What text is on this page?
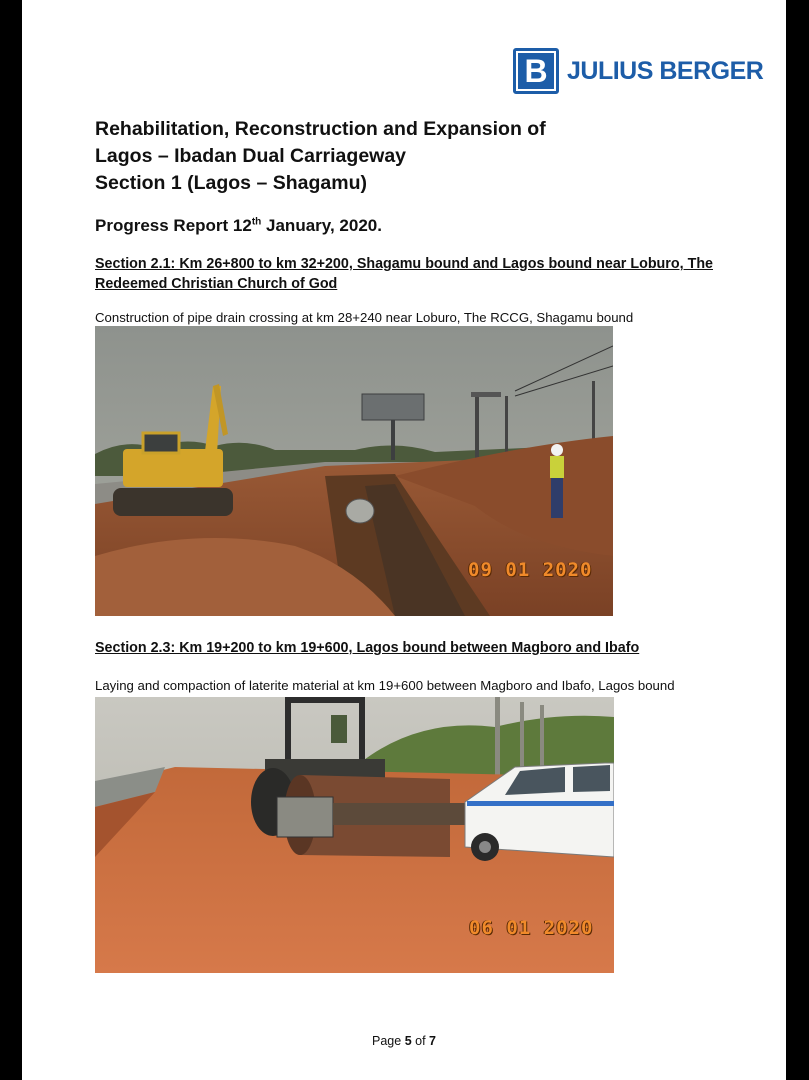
B JULIUS BERGER
Rehabilitation, Reconstruction and Expansion of
Lagos – Ibadan Dual Carriageway
Section 1 (Lagos – Shagamu)
Progress Report 12th January, 2020.
Section 2.1: Km 26+800 to km 32+200, Shagamu bound and Lagos bound near Loburo, The Redeemed Christian Church of God
Construction of pipe drain crossing at km 28+240 near Loburo, The RCCG, Shagamu bound
09 01 2020
Section 2.3: Km 19+200 to km 19+600, Lagos bound between Magboro and Ibafo
Laying and compaction of laterite material at km 19+600 between Magboro and Ibafo, Lagos bound
06 01 2020
Page 5 of 7
